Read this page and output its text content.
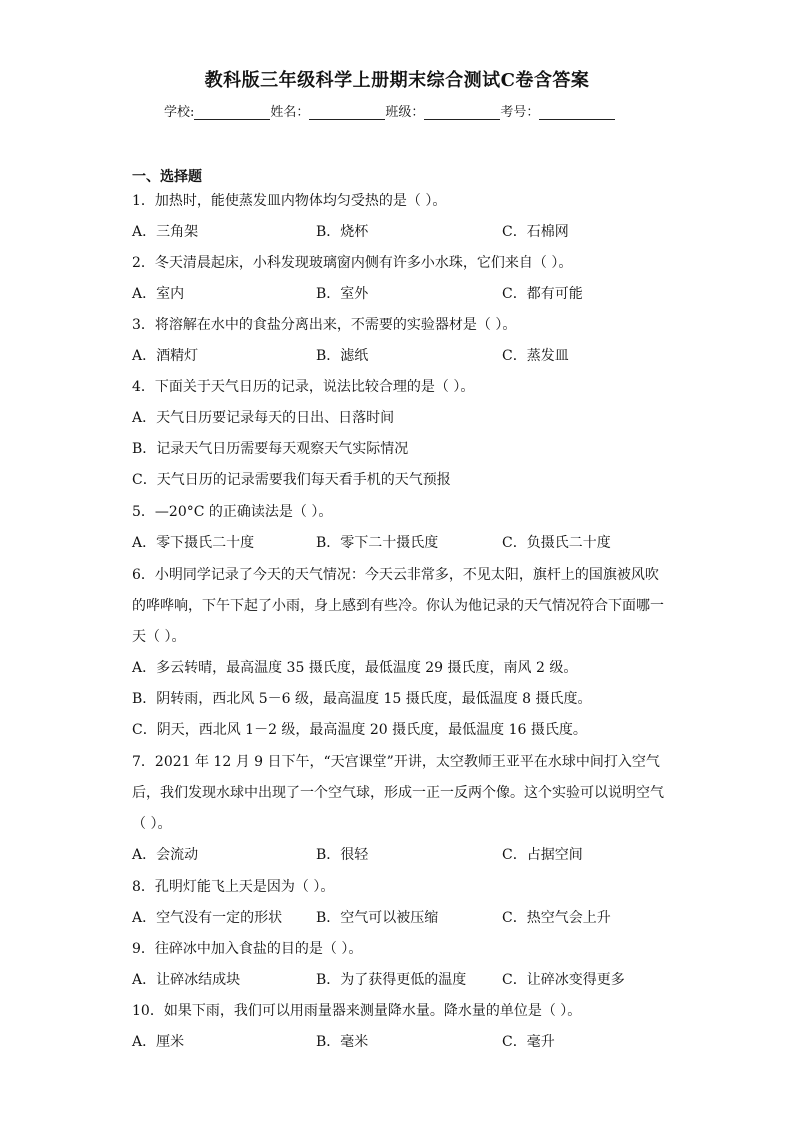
教科版三年级科学上册期末综合测试C卷含答案
学校:	姓名：	班级：	考号：
一、选择题

1．加热时，能使蒸发皿内物体均匀受热的是（ ）。

A．三角架	B．烧杯	C．石棉网

2．冬天清晨起床，小科发现玻璃窗内侧有许多小水珠，它们来自（ ）。

A．室内	B．室外	C．都有可能

3．将溶解在水中的食盐分离出来，不需要的实验器材是（ ）。

A．酒精灯	B．滤纸	C．蒸发皿

4．下面关于天气日历的记录，说法比较合理的是（ ）。

A．天气日历要记录每天的日出、日落时间
B．记录天气日历需要每天观察天气实际情况
C．天气日历的记录需要我们每天看手机的天气预报

5．—20°C 的正确读法是（ ）。

A．零下摄氏二十度	B．零下二十摄氏度	C．负摄氏二十度

6．小明同学记录了今天的天气情况：今天云非常多，不见太阳，旗杆上的国旗被风吹的哗哗响，下午下起了小雨，身上感到有些冷。你认为他记录的天气情况符合下面哪一天（ ）。

A．多云转晴，最高温度 35 摄氏度，最低温度 29 摄氏度，南风 2 级。
B．阴转雨，西北风 5－6 级，最高温度 15 摄氏度，最低温度 8 摄氏度。
C．阴天，西北风 1－2 级，最高温度 20 摄氏度，最低温度 16 摄氏度。

7．2021 年 12 月 9 日下午，“天宫课堂”开讲，太空教师王亚平在水球中间打入空气后，我们发现水球中出现了一个空气球，形成一正一反两个像。这个实验可以说明空气（ ）。

A．会流动	B．很轻	C．占据空间

8．孔明灯能飞上天是因为（ ）。

A．空气没有一定的形状 B．空气可以被压缩	C．热空气会上升

9．往碎冰中加入食盐的目的是（ ）。

A．让碎冰结成块	B．为了获得更低的温度	C．让碎冰变得更多

10．如果下雨，我们可以用雨量器来测量降水量。降水量的单位是（ ）。

A．厘米	B．毫米	C．毫升
